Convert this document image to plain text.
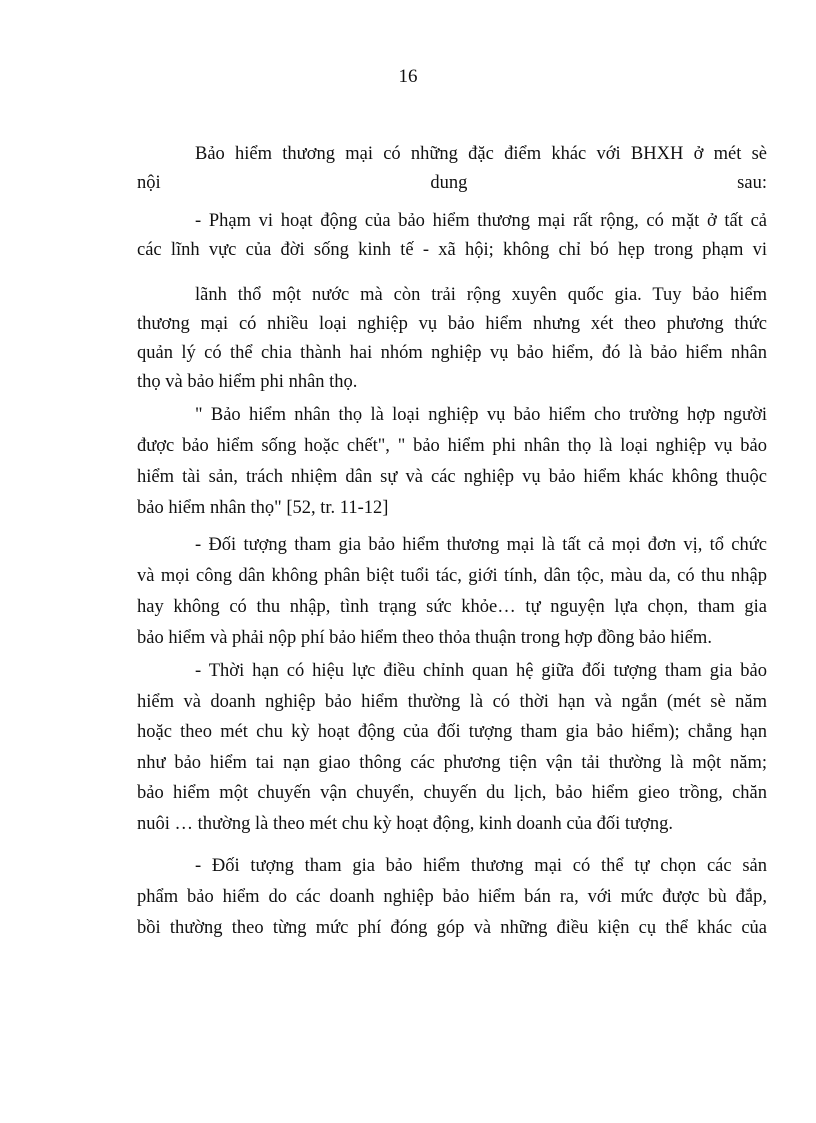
16
Bảo hiểm thương mại có những đặc điểm khác với BHXH ở mét sè
nội	dung	sau:
- Phạm vi hoạt động của bảo hiểm thương mại rất rộng, có mặt ở tất cả
các lĩnh vực của đời sống kinh tế - xã hội; không chỉ bó hẹp trong phạm vi
lãnh thổ một nước mà còn trải rộng xuyên quốc gia. Tuy bảo hiểm
thương mại có nhiều loại nghiệp vụ bảo hiểm nhưng xét theo phương thức
quản lý có thể chia thành hai nhóm nghiệp vụ bảo hiểm, đó là bảo hiểm nhân
thọ và bảo hiểm phi nhân thọ.
" Bảo hiểm nhân thọ là loại nghiệp vụ bảo hiểm cho trường hợp người
được bảo hiểm sống hoặc chết", " bảo hiểm phi nhân thọ là loại nghiệp vụ bảo
hiểm tài sản, trách nhiệm dân sự và các nghiệp vụ bảo hiểm khác không thuộc
bảo hiểm nhân thọ" [52, tr. 11-12]
- Đối tượng tham gia bảo hiểm thương mại là tất cả mọi đơn vị, tổ chức
và mọi công dân không phân biệt tuổi tác, giới tính, dân tộc, màu da, có thu nhập
hay không có thu nhập, tình trạng sức khỏe… tự nguyện lựa chọn, tham gia
bảo hiểm và phải nộp phí bảo hiểm theo thỏa thuận trong hợp đồng bảo hiểm.
- Thời hạn có hiệu lực điều chỉnh quan hệ giữa đối tượng tham gia bảo
hiểm và doanh nghiệp bảo hiểm thường là có thời hạn và ngắn (mét sè năm
hoặc theo mét chu kỳ hoạt động của đối tượng tham gia bảo hiểm); chẳng hạn
như bảo hiểm tai nạn giao thông các phương tiện vận tải thường là một năm;
bảo hiểm một chuyến vận chuyển, chuyến du lịch, bảo hiểm gieo trồng, chăn
nuôi … thường là theo mét chu kỳ hoạt động, kinh doanh của đối tượng.
- Đối tượng tham gia bảo hiểm thương mại có thể tự chọn các sản
phẩm bảo hiểm do các doanh nghiệp bảo hiểm bán ra, với mức được bù đắp,
bồi thường theo từng mức phí đóng góp và những điều kiện cụ thể khác của
